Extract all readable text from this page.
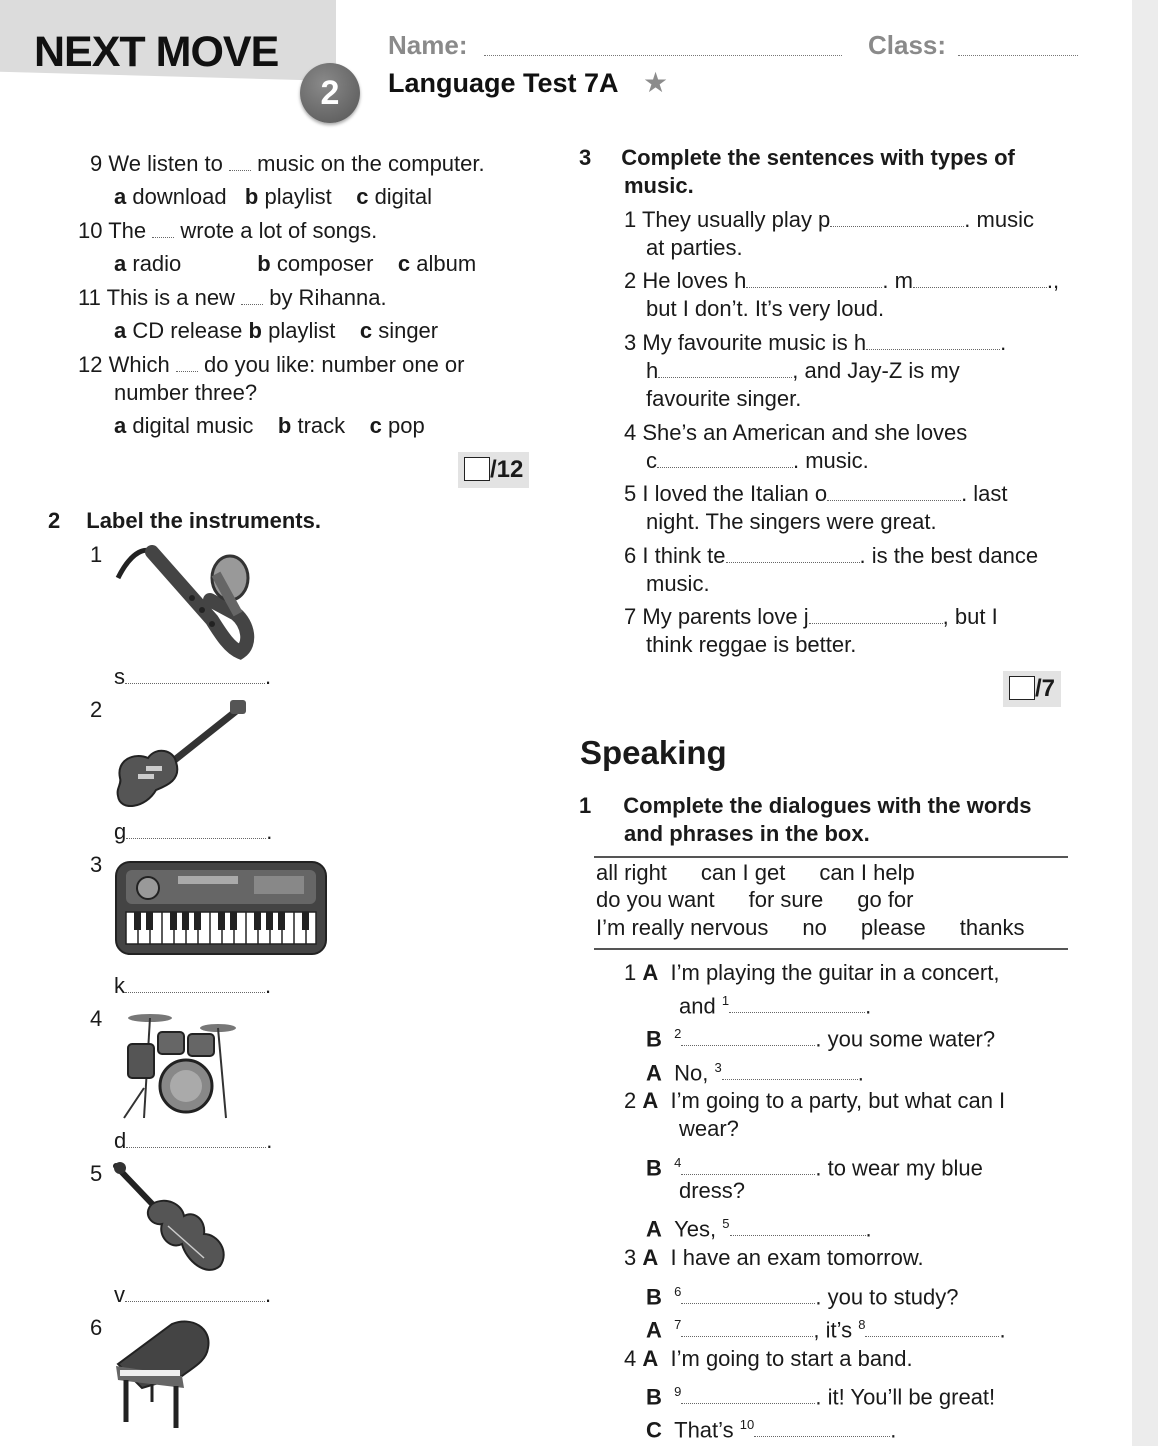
NEXT MOVE
2
Name:	Class:
Language Test 7A ★
9 We listen to music on the computer.
a download b playlist c digital
10 The wrote a lot of songs.
a radio	b composer c album
11 This is a new by Rihanna.
a CD release b playlist c singer
12 Which do you like: number one or
number three?
a digital music b track c pop
/12
2 Label the instruments.
1
s	.
2
g	.
3
k	.
4
d	.
5
v	.
6
3 Complete the sentences with types of
music.
1 They usually play p	. music
at parties.
2 He loves h	. m	.,
but I don’t. It’s very loud.
3 My favourite music is h	.
h	, and Jay-Z is my
favourite singer.
4 She’s an American and she loves
c	. music.
5 I loved the Italian o	. last
night. The singers were great.
6 I think te	. is the best dance
music.
7 My parents love j	, but I
think reggae is better.
/7
Speaking
1 Complete the dialogues with the words
and phrases in the box.
all right can I get can I help
do you want for sure go for
I’m really nervous no please thanks
1 A I’m playing the guitar in a concert,
and $^1$	.
B $^2$	. you some water?
A No, $^3$	.
2 A I’m going to a party, but what can I
wear?
B $^4$	. to wear my blue
dress?
A Yes, $^5$	.
3 A I have an exam tomorrow.
B $^6$	. you to study?
A $^7$	, it’s $^8$	.
4 A I’m going to start a band.
B $^9$	. it! You’ll be great!
C That’s $^{10}$	.
